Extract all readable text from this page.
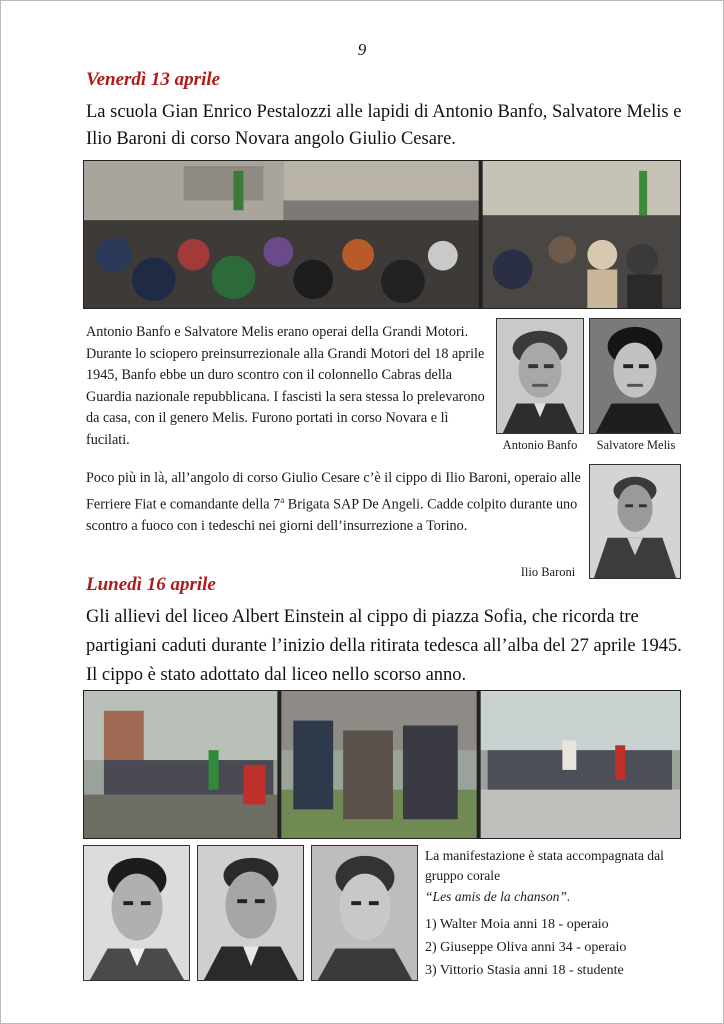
9
Venerdì 13 aprile
La scuola Gian Enrico Pestalozzi alle lapidi di Antonio Banfo, Salvatore Melis e Ilio Baroni di corso Novara angolo Giulio Cesare.
Antonio Banfo e Salvatore Melis erano operai della Grandi Motori. Durante lo sciopero preinsurrezionale alla Grandi Motori del 18 aprile 1945, Banfo ebbe un duro scontro con il colonnello Cabras della Guardia nazionale repubblicana. I fascisti la sera stessa lo prelevarono da casa, con il genero Melis. Furono portati in corso Novara e lì fucilati.	Antonio Banfo	Salvatore Melis
Poco più in là, all’angolo di corso Giulio Cesare c’è il cippo di Ilio Baroni, operaio alle Ferriere Fiat e comandante della 7$^a$ Brigata SAP De Angeli. Cadde colpito durante uno scontro a fuoco con i tedeschi nei giorni dell’insurrezione a Torino.
Ilio Baroni
Lunedì 16 aprile
Gli allievi del liceo Albert Einstein al cippo di piazza Sofia, che ricorda tre partigiani caduti durante l’inizio della ritirata tedesca all’alba del 27 aprile 1945. Il cippo è stato adottato dal liceo nello scorso anno.
La manifestazione è stata accompagnata dal gruppo corale
“Les amis de la chanson”.
1) Walter Moia anni 18 - operaio
2) Giuseppe Oliva anni 34 - operaio
3) Vittorio Stasia anni 18 - studente
